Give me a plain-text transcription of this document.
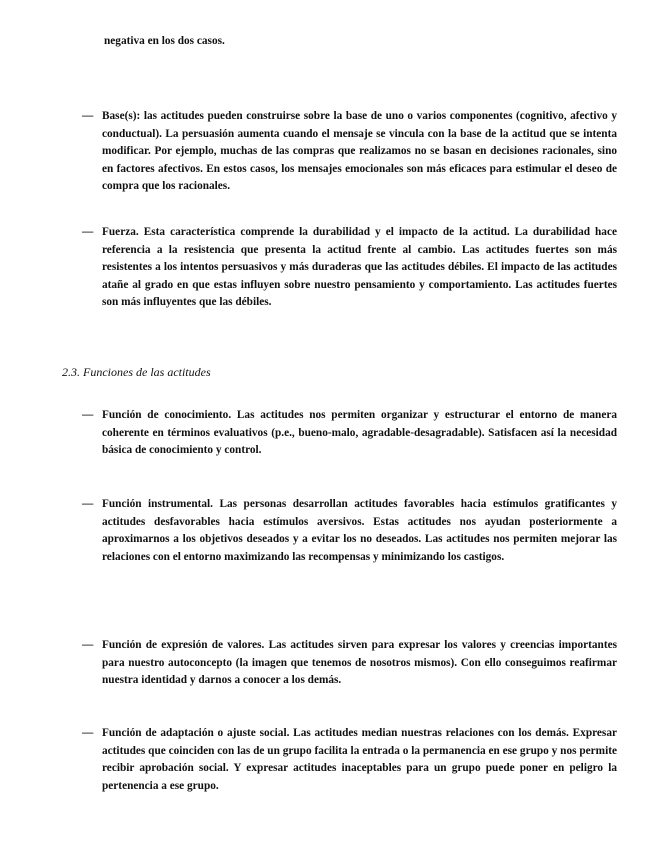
negativa en los dos casos.
— Base(s): las actitudes pueden construirse sobre la base de uno o varios componentes (cognitivo, afectivo y conductual). La persuasión aumenta cuando el mensaje se vincula con la base de la actitud que se intenta modificar. Por ejemplo, muchas de las compras que realizamos no se basan en decisiones racionales, sino en factores afectivos. En estos casos, los mensajes emocionales son más eficaces para estimular el deseo de compra que los racionales.
— Fuerza. Esta característica comprende la durabilidad y el impacto de la actitud. La durabilidad hace referencia a la resistencia que presenta la actitud frente al cambio. Las actitudes fuertes son más resistentes a los intentos persuasivos y más duraderas que las actitudes débiles. El impacto de las actitudes atañe al grado en que estas influyen sobre nuestro pensamiento y comportamiento. Las actitudes fuertes son más influyentes que las débiles.
2.3. Funciones de las actitudes
— Función de conocimiento. Las actitudes nos permiten organizar y estructurar el entorno de manera coherente en términos evaluativos (p.e., bueno-malo, agradable-desagradable). Satisfacen así la necesidad básica de conocimiento y control.
— Función instrumental. Las personas desarrollan actitudes favorables hacia estímulos gratificantes y actitudes desfavorables hacia estímulos aversivos. Estas actitudes nos ayudan posteriormente a aproximarnos a los objetivos deseados y a evitar los no deseados. Las actitudes nos permiten mejorar las relaciones con el entorno maximizando las recompensas y minimizando los castigos.
— Función de expresión de valores. Las actitudes sirven para expresar los valores y creencias importantes para nuestro autoconcepto (la imagen que tenemos de nosotros mismos). Con ello conseguimos reafirmar nuestra identidad y darnos a conocer a los demás.
— Función de adaptación o ajuste social. Las actitudes median nuestras relaciones con los demás. Expresar actitudes que coinciden con las de un grupo facilita la entrada o la permanencia en ese grupo y nos permite recibir aprobación social. Y expresar actitudes inaceptables para un grupo puede poner en peligro la pertenencia a ese grupo.
